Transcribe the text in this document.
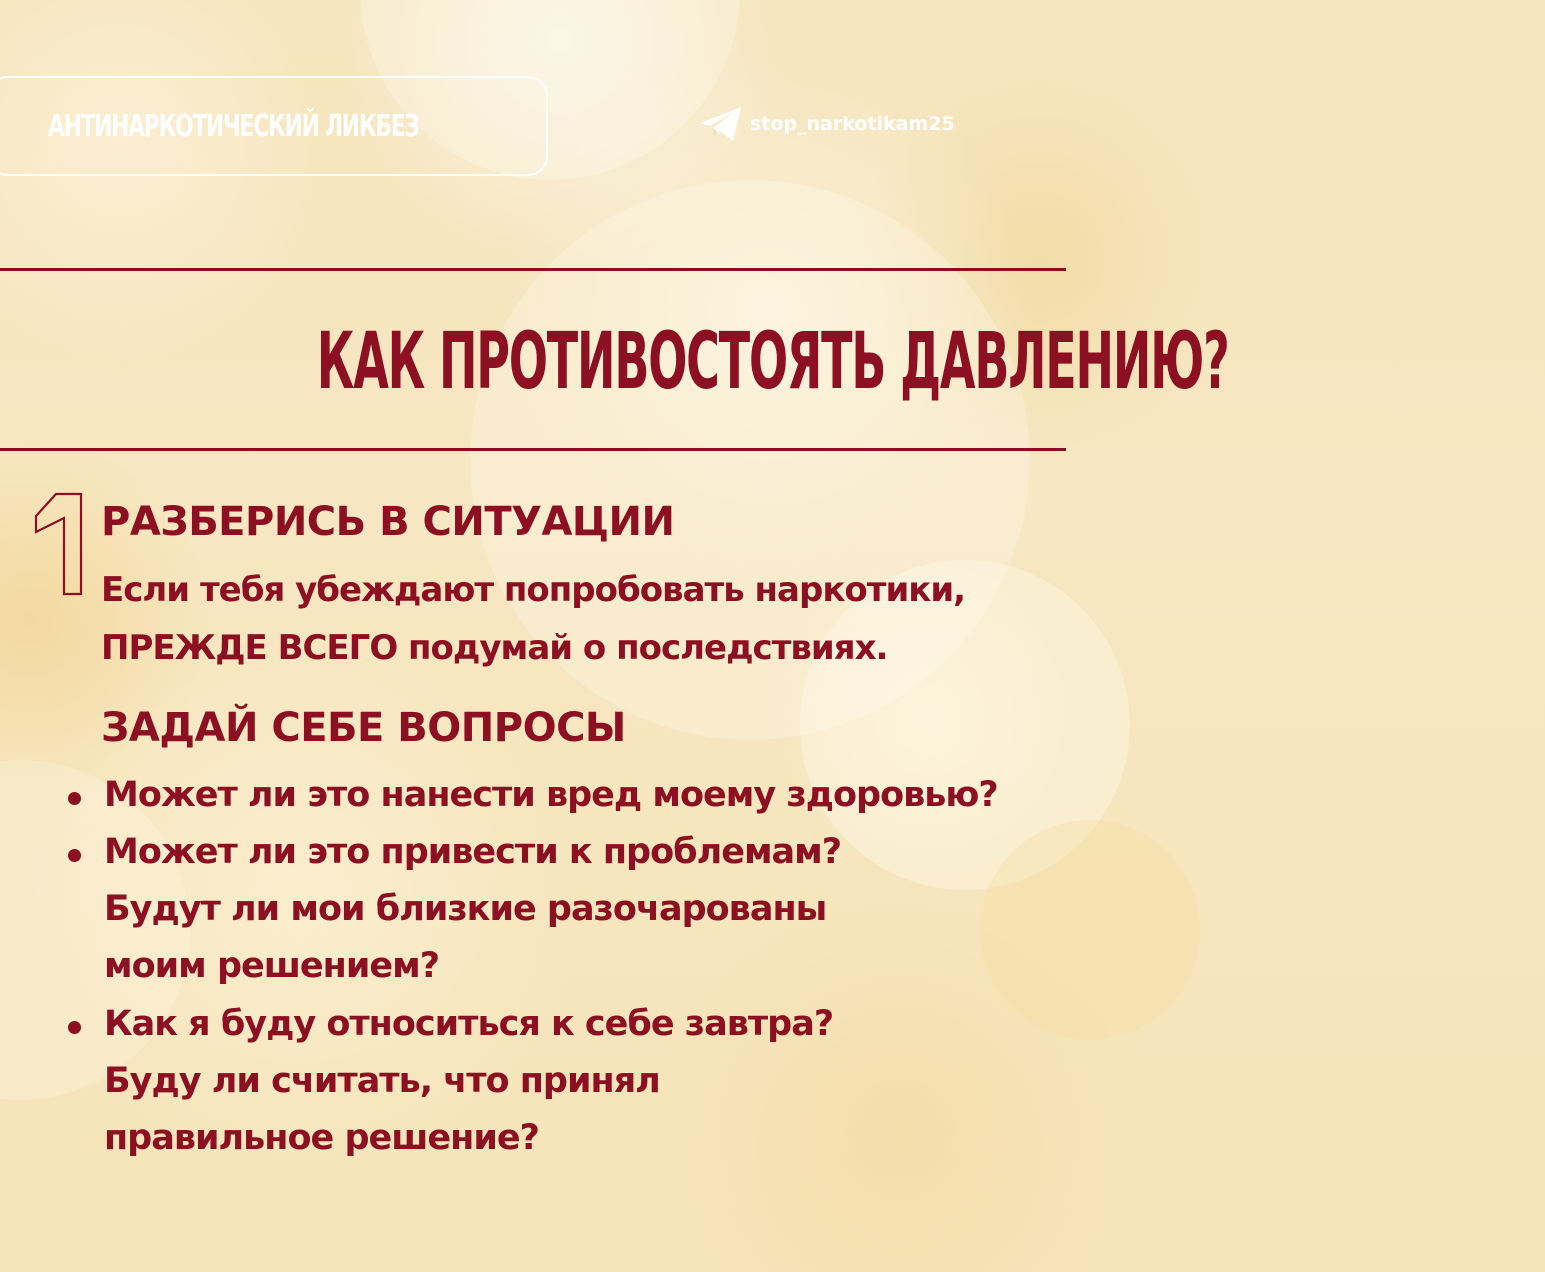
АНТИНАРКОТИЧЕСКИЙ ЛИКБЕЗ	stop_narkotikam25
КАК ПРОТИВОСТОЯТЬ ДАВЛЕНИЮ?
1
РАЗБЕРИСЬ В СИТУАЦИИ
Если тебя убеждают попробовать наркотики,
ПРЕЖДЕ ВСЕГО подумай о последствиях.
ЗАДАЙ СЕБЕ ВОПРОСЫ
Может ли это нанести вред моему здоровью?
Может ли это привести к проблемам?
Будут ли мои близкие разочарованы
моим решением?
Как я буду относиться к себе завтра?
Буду ли считать, что принял
правильное решение?
